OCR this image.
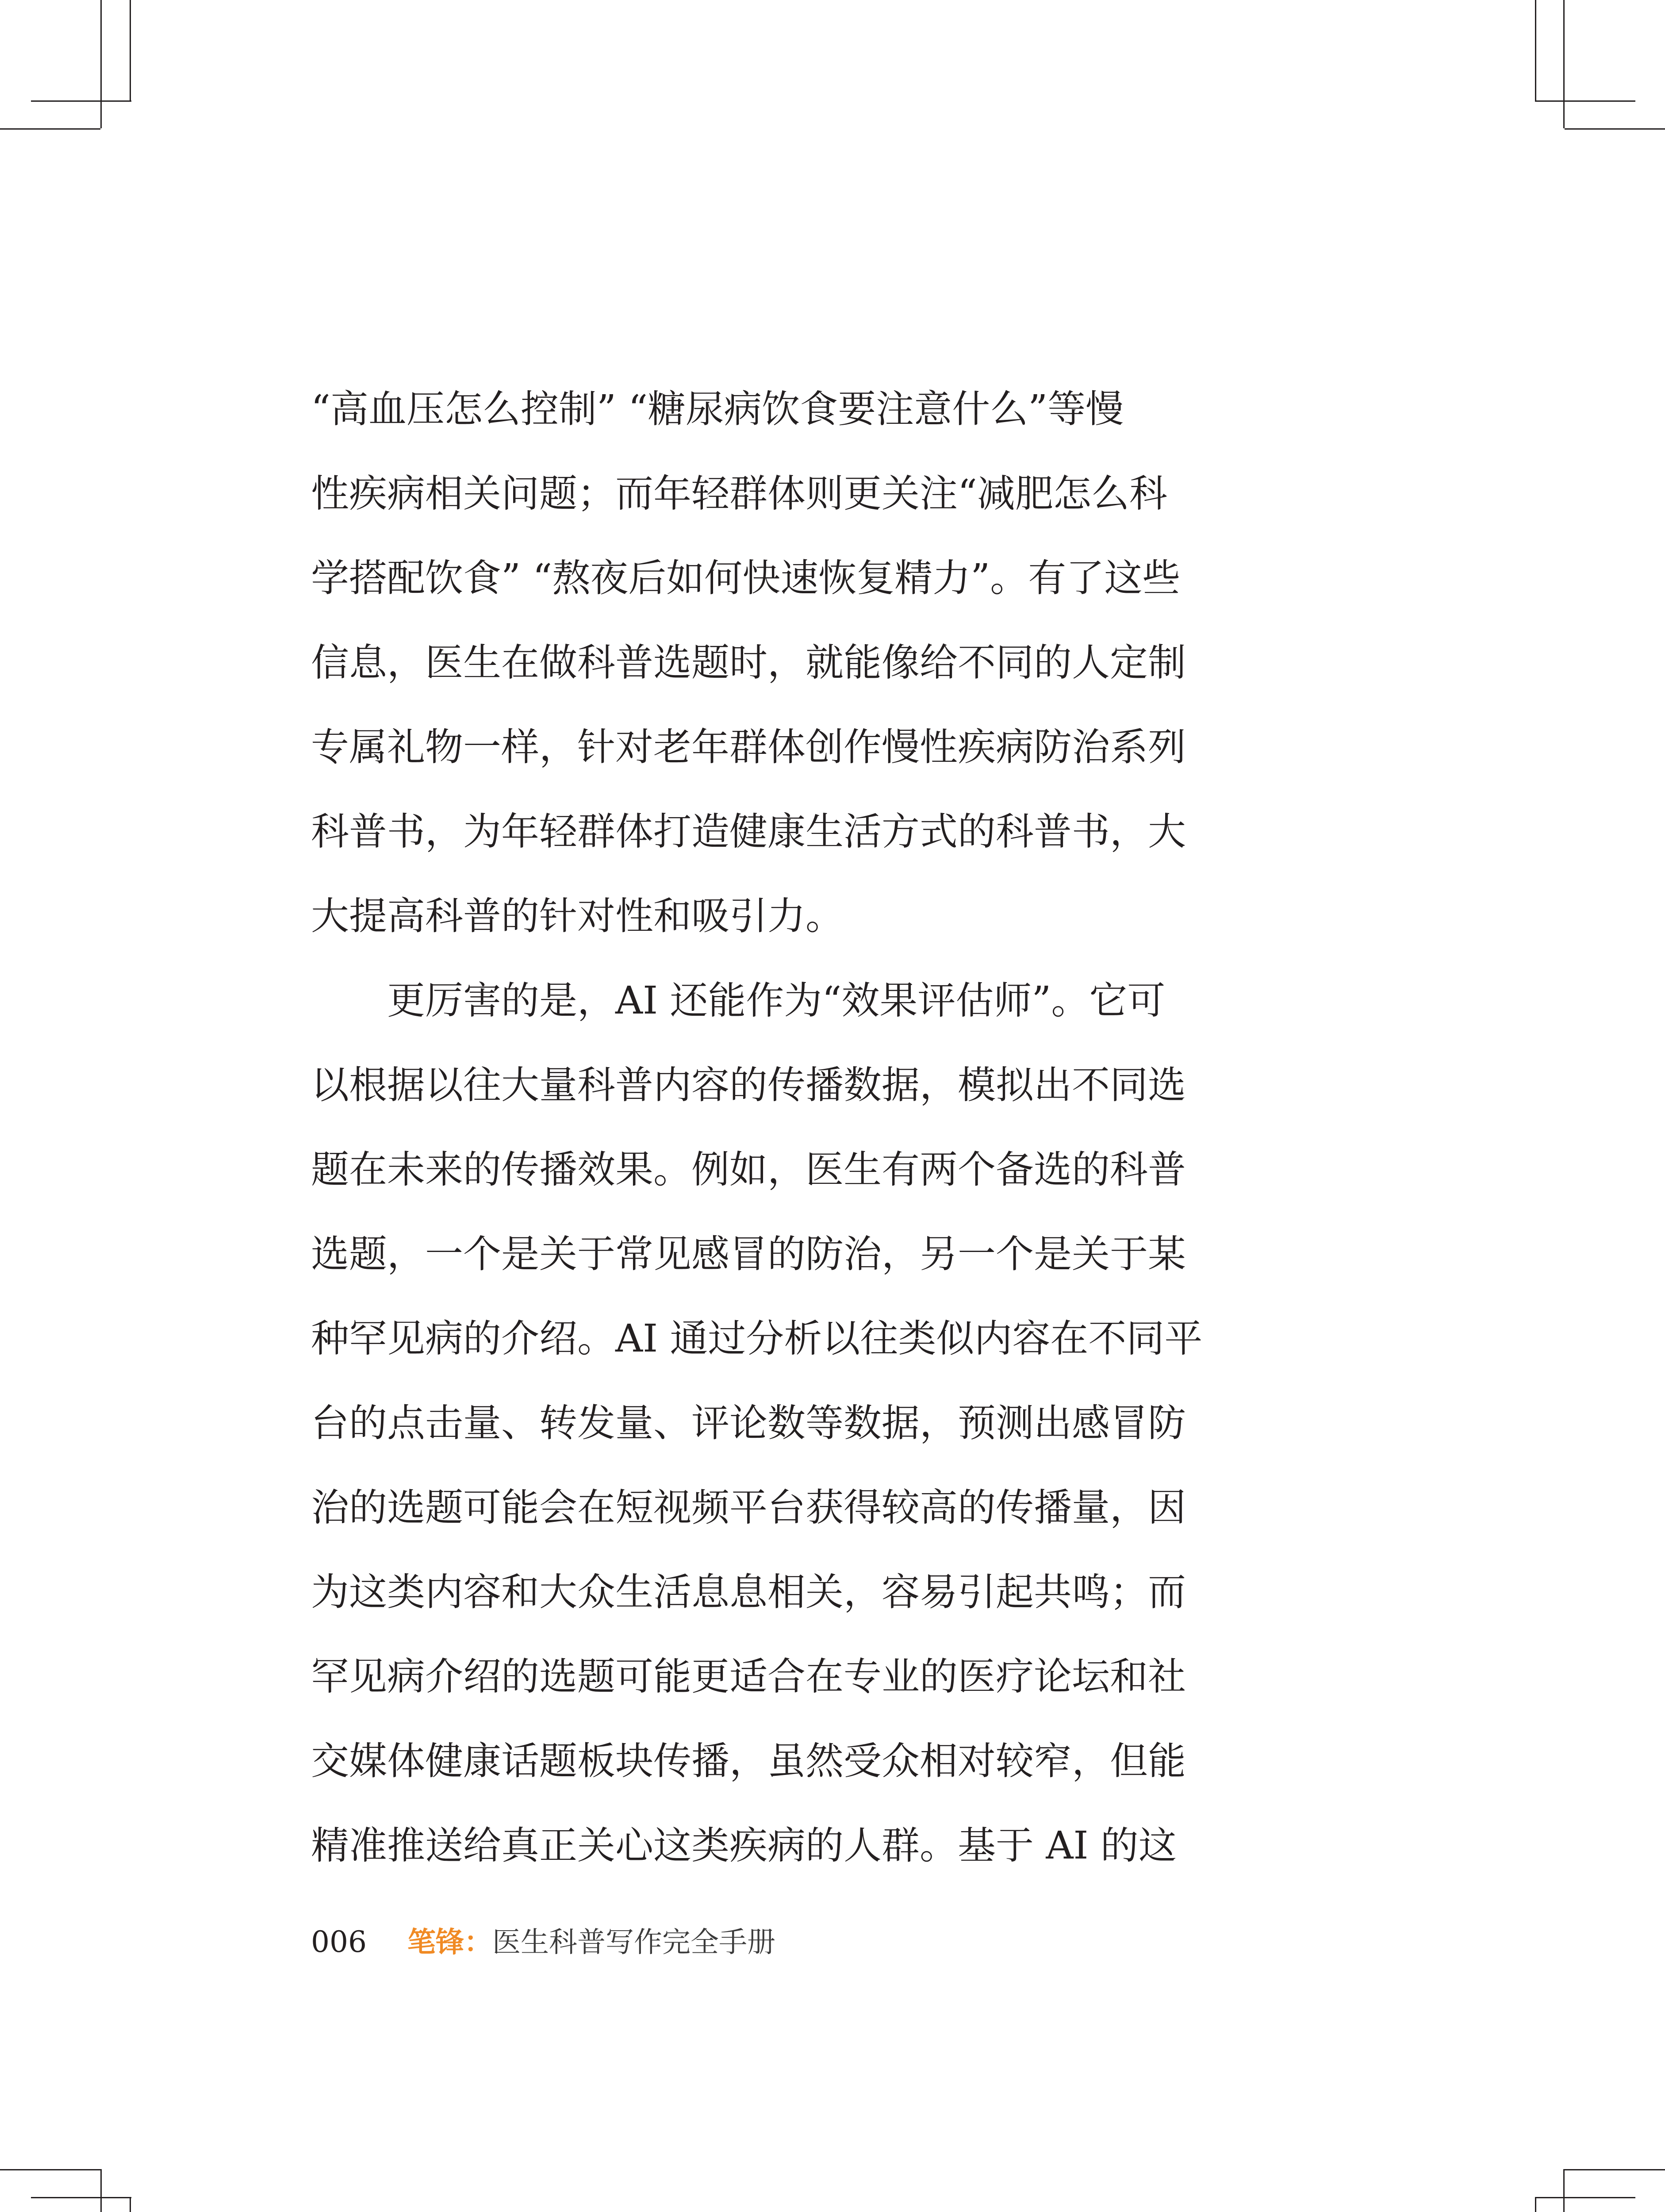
“高血压怎么控制” “糖尿病饮食要注意什么”等慢
性疾病相关问题；而年轻群体则更关注“减肥怎么科
学搭配饮食” “熬夜后如何快速恢复精力”。有了这些
信息，医生在做科普选题时，就能像给不同的人定制
专属礼物一样，针对老年群体创作慢性疾病防治系列
科普书，为年轻群体打造健康生活方式的科普书，大
大提高科普的针对性和吸引力。
更厉害的是，AI 还能作为“效果评估师”。它可
以根据以往大量科普内容的传播数据，模拟出不同选
题在未来的传播效果。例如，医生有两个备选的科普
选题，一个是关于常见感冒的防治，另一个是关于某
种罕见病的介绍。AI 通过分析以往类似内容在不同平
台的点击量、转发量、评论数等数据，预测出感冒防
治的选题可能会在短视频平台获得较高的传播量，因
为这类内容和大众生活息息相关，容易引起共鸣；而
罕见病介绍的选题可能更适合在专业的医疗论坛和社
交媒体健康话题板块传播，虽然受众相对较窄，但能
精准推送给真正关心这类疾病的人群。基于 AI 的这
006 笔锋：医生科普写作完全手册
